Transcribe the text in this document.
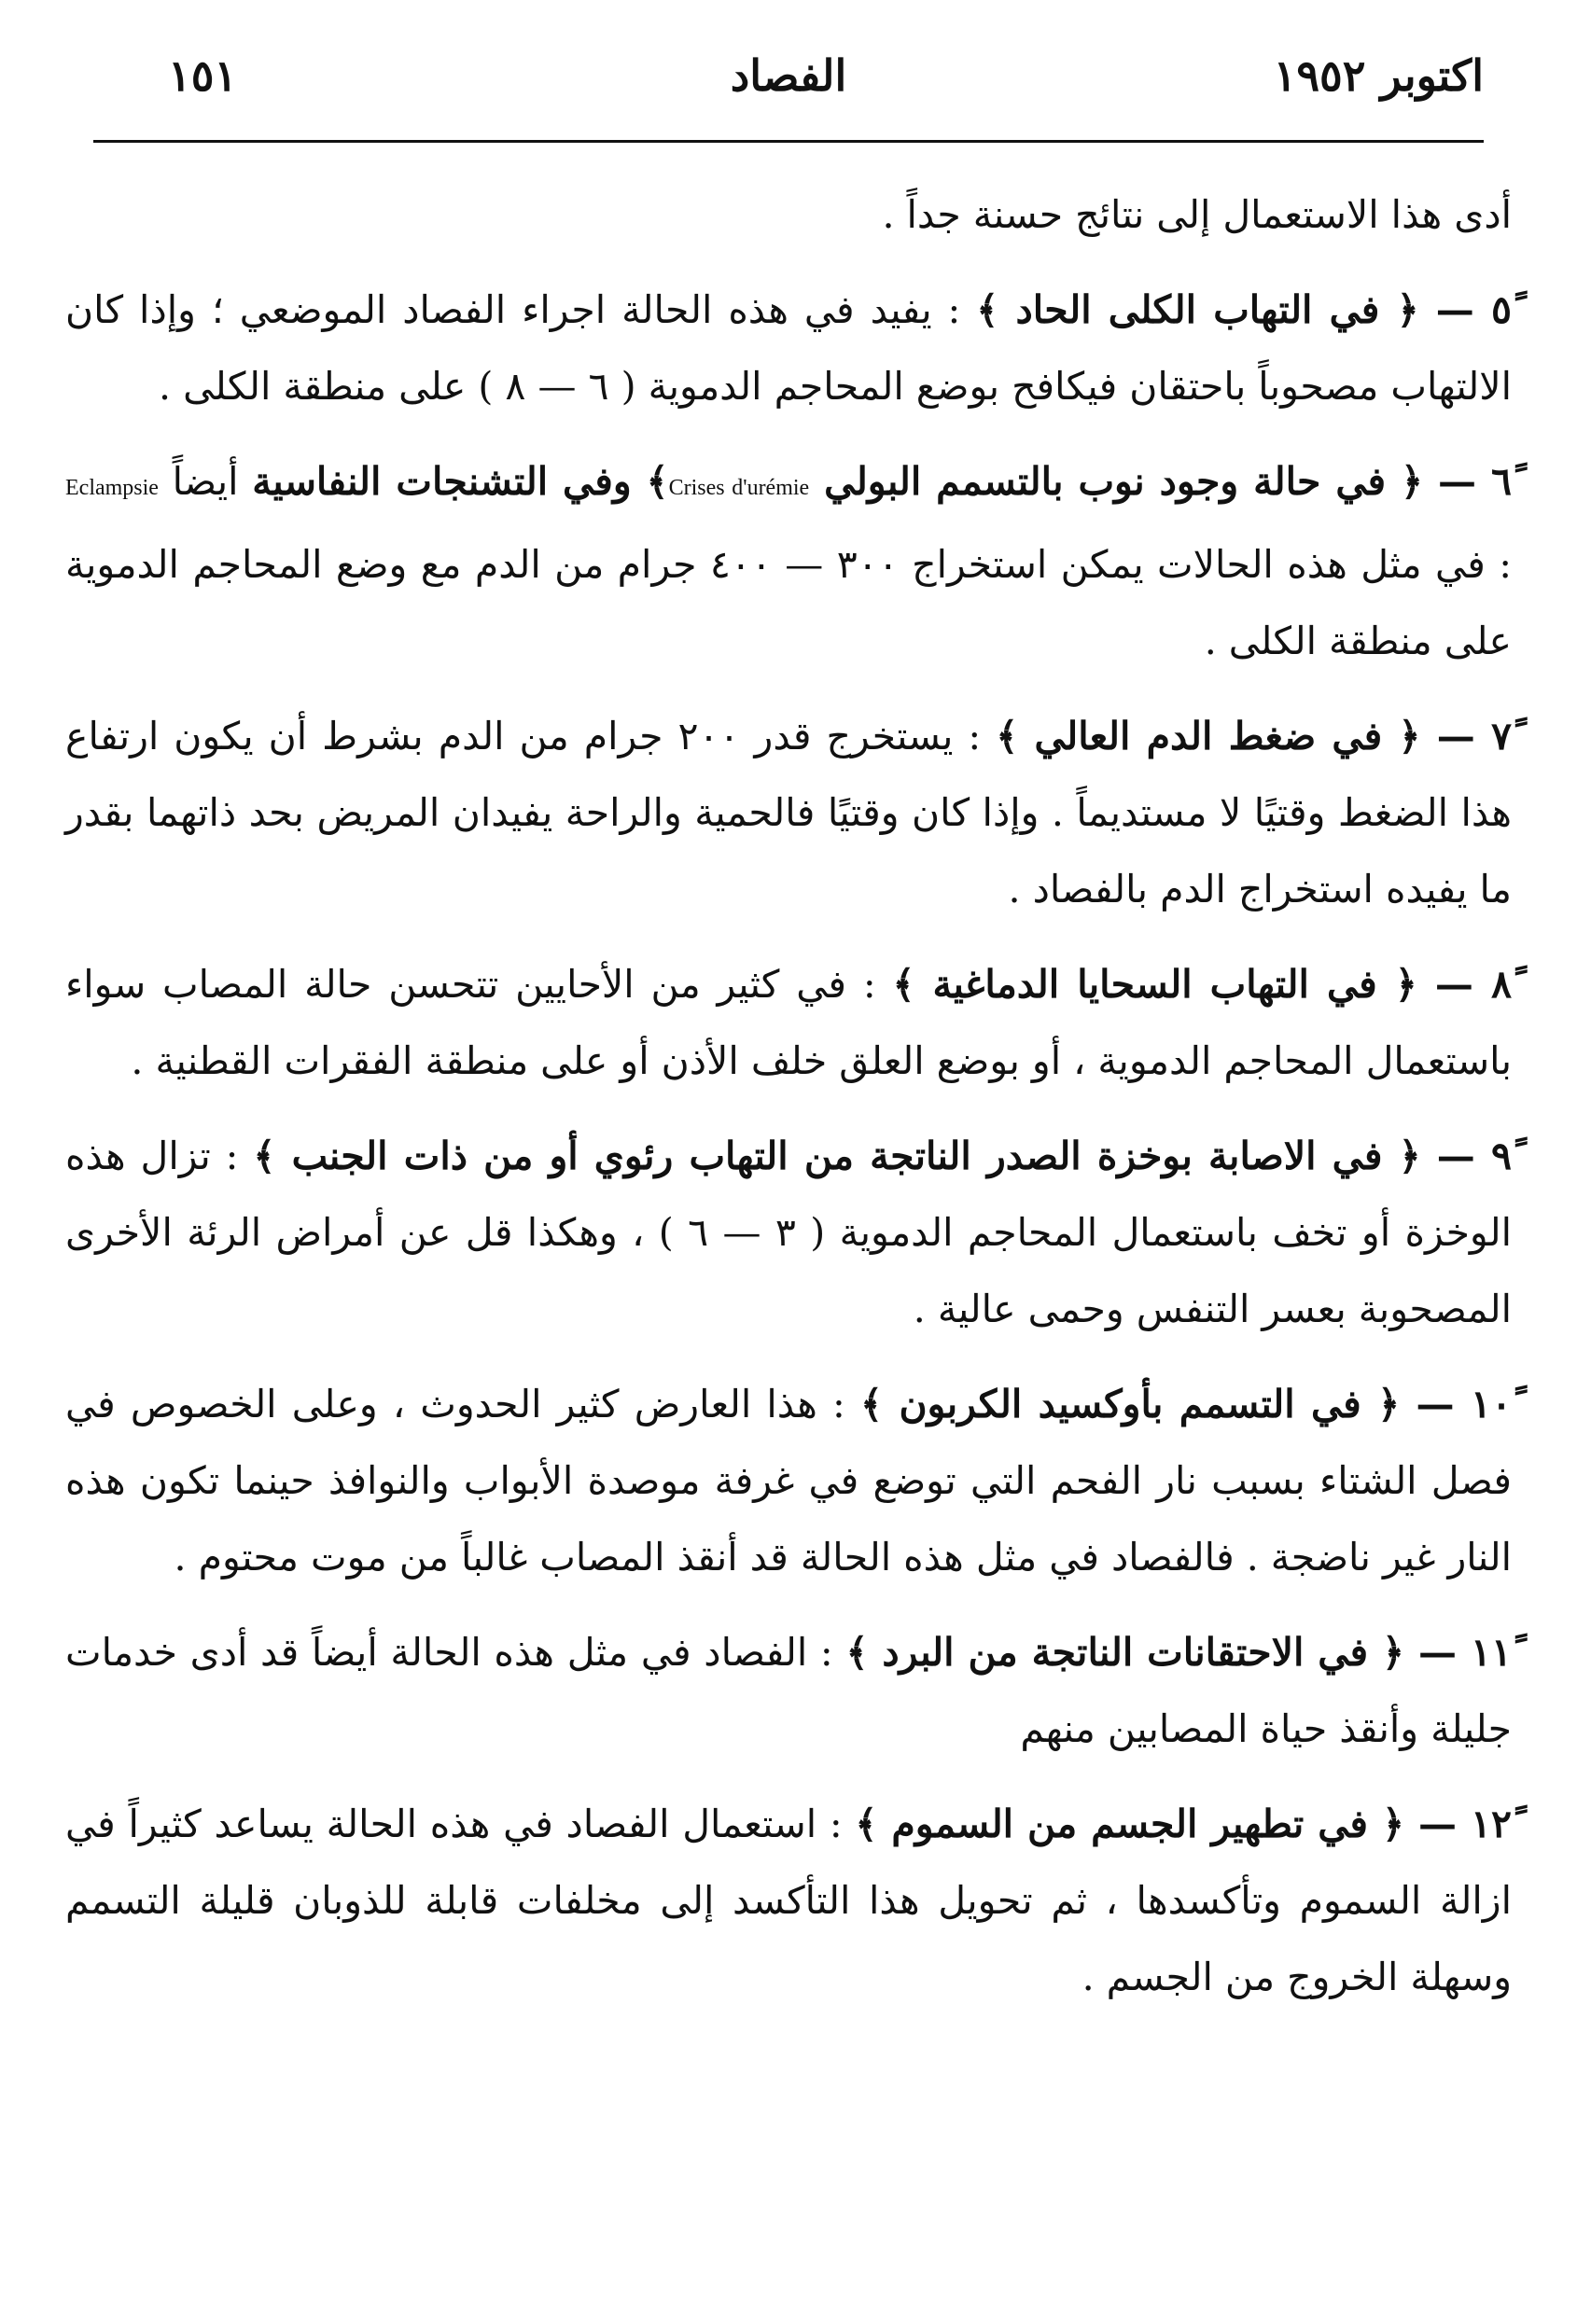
اكتوبر ١٩٥٢
الفصاد
١٥١

أدى هذا الاستعمال إلى نتائج حسنة جداً .

٥ً — ﴿ في التهاب الكلى الحاد ﴾ : يفيد في هذه الحالة اجراء الفصاد الموضعي ؛ وإذا كان الالتهاب مصحوباً باحتقان فيكافح بوضع المحاجم الدموية ( ٦ — ٨ ) على منطقة الكلى .

٦ً — ﴿ في حالة وجود نوب بالتسمم البولي Crises d'urémie﴾ وفي التشنجات النفاسية أيضاً Eclampsie : في مثل هذه الحالات يمكن استخراج ٣٠٠ — ٤٠٠ جرام من الدم مع وضع المحاجم الدموية على منطقة الكلى .

٧ً — ﴿ في ضغط الدم العالي ﴾ : يستخرج قدر ٢٠٠ جرام من الدم بشرط أن يكون ارتفاع هذا الضغط وقتيًا لا مستديماً . وإذا كان وقتيًا فالحمية والراحة يفيدان المريض بحد ذاتهما بقدر ما يفيده استخراج الدم بالفصاد .

٨ً — ﴿ في التهاب السحايا الدماغية ﴾ : في كثير من الأحايين تتحسن حالة المصاب سواء باستعمال المحاجم الدموية ، أو بوضع العلق خلف الأذن أو على منطقة الفقرات القطنية .

٩ً — ﴿ في الاصابة بوخزة الصدر الناتجة من التهاب رئوي أو من ذات الجنب ﴾ : تزال هذه الوخزة أو تخف باستعمال المحاجم الدموية ( ٣ — ٦ ) ، وهكذا قل عن أمراض الرئة الأخرى المصحوبة بعسر التنفس وحمى عالية .

١٠ً — ﴿ في التسمم بأوكسيد الكربون ﴾ : هذا العارض كثير الحدوث ، وعلى الخصوص في فصل الشتاء بسبب نار الفحم التي توضع في غرفة موصدة الأبواب والنوافذ حينما تكون هذه النار غير ناضجة . فالفصاد في مثل هذه الحالة قد أنقذ المصاب غالباً من موت محتوم .

١١ً — ﴿ في الاحتقانات الناتجة من البرد ﴾ : الفصاد في مثل هذه الحالة أيضاً قد أدى خدمات جليلة وأنقذ حياة المصابين منهم

١٢ً — ﴿ في تطهير الجسم من السموم ﴾ : استعمال الفصاد في هذه الحالة يساعد كثيراً في ازالة السموم وتأكسدها ، ثم تحويل هذا التأكسد إلى مخلفات قابلة للذوبان قليلة التسمم وسهلة الخروج من الجسم .
